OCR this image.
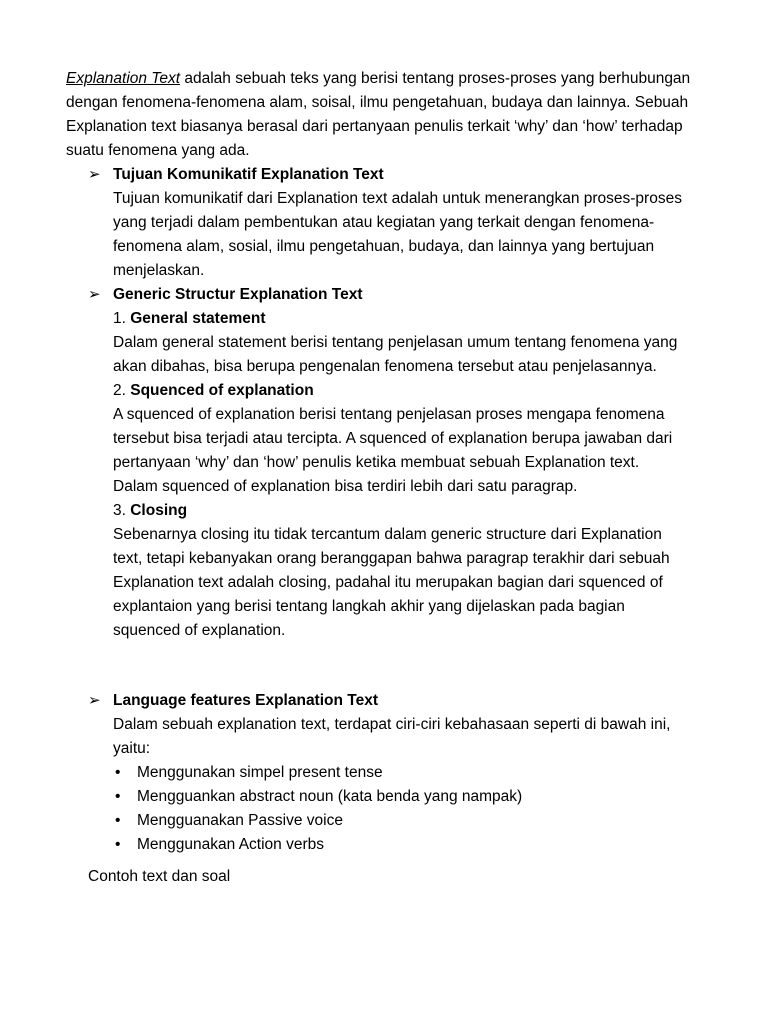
Explanation Text adalah sebuah teks yang berisi tentang proses-proses yang berhubungan dengan fenomena-fenomena alam, soisal, ilmu pengetahuan, budaya dan lainnya. Sebuah Explanation text biasanya berasal dari pertanyaan penulis terkait ‘why’ dan ‘how’ terhadap suatu fenomena yang ada.

➢ Tujuan Komunikatif Explanation Text
Tujuan komunikatif dari Explanation text adalah untuk menerangkan proses-proses yang terjadi dalam pembentukan atau kegiatan yang terkait dengan fenomena-fenomena alam, sosial, ilmu pengetahuan, budaya, dan lainnya yang bertujuan menjelaskan.
➢ Generic Structur Explanation Text
1. General statement
Dalam general statement berisi tentang penjelasan umum tentang fenomena yang akan dibahas, bisa berupa pengenalan fenomena tersebut atau penjelasannya.
2. Squenced of explanation
A squenced of explanation berisi tentang penjelasan proses mengapa fenomena tersebut bisa terjadi atau tercipta. A squenced of explanation berupa jawaban dari pertanyaan ‘why’ dan ‘how’ penulis ketika membuat sebuah Explanation text. Dalam squenced of explanation bisa terdiri lebih dari satu paragrap.
3. Closing
Sebenarnya closing itu tidak tercantum dalam generic structure dari Explanation text, tetapi kebanyakan orang beranggapan bahwa paragrap terakhir dari sebuah Explanation text adalah closing, padahal itu merupakan bagian dari squenced of explantaion yang berisi tentang langkah akhir yang dijelaskan pada bagian squenced of explanation.
➢ Language features Explanation Text
Dalam sebuah explanation text, terdapat ciri-ciri kebahasaan seperti di bawah ini, yaitu:
• Menggunakan simpel present tense
• Mengguankan abstract noun (kata benda yang nampak)
• Mengguanakan Passive voice
• Menggunakan Action verbs
Contoh text dan soal
